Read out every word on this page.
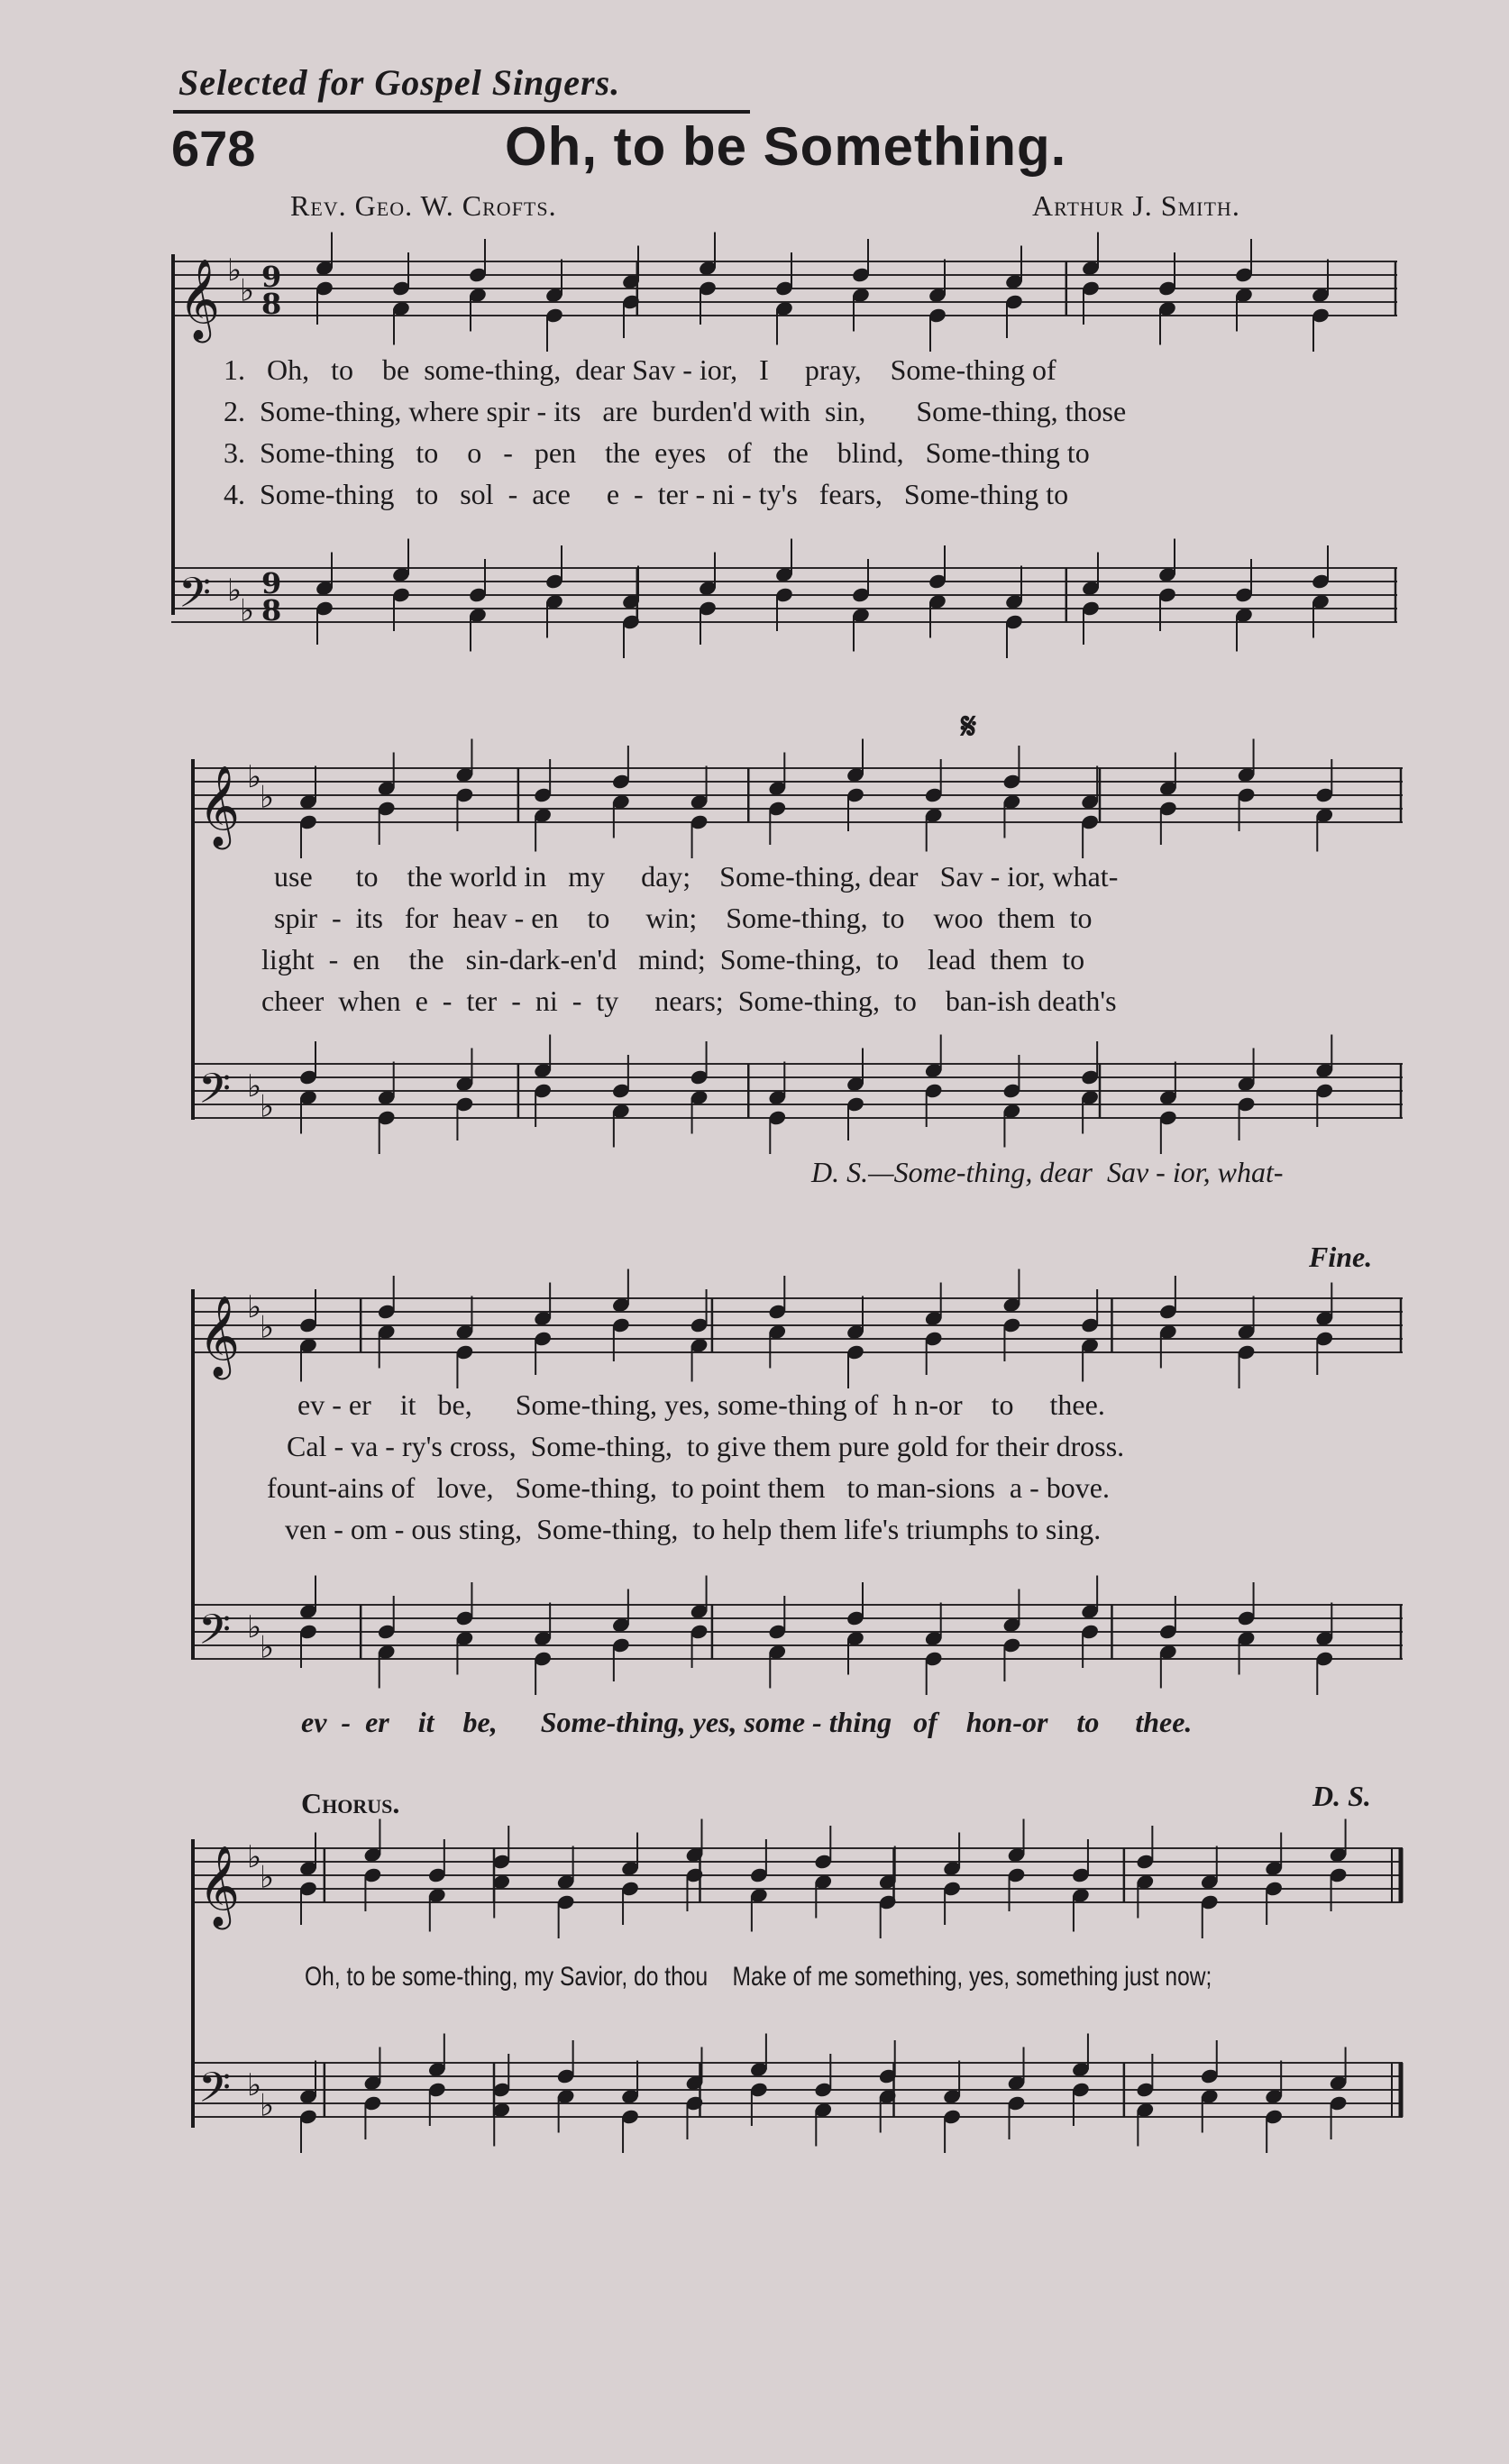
Selected for Gospel Singers.
678	Oh, to be Something.
Rev. Geo. W. Crofts.	Arthur J. Smith.
𝄞 ♭
♭ 9
8
𝄢 ♭
♭
9
8
1.   Oh,   to    be  some-thing,  dear Sav - ior,   I     pray,    Some-thing of
2.  Some-thing, where spir - its   are  burden'd with  sin,       Some-thing, those
3.  Some-thing   to    o   -   pen    the  eyes   of   the    blind,   Some-thing to
4.  Some-thing   to   sol  -  ace     e  -  ter - ni - ty's   fears,   Some-thing to
𝄋
𝄞 ♭
♭
𝄢 ♭
♭
use      to    the world in   my     day;    Some-thing, dear   Sav - ior, what-
spir  -  its   for  heav - en    to     win;    Some-thing,  to    woo  them  to
light  -  en    the   sin-dark-en'd   mind;  Some-thing,  to    lead  them  to
cheer  when  e  -  ter  -  ni  -  ty     nears;  Some-thing,  to    ban-ish death's
D. S.—Some-thing, dear  Sav - ior, what-
Fine.
𝄞 ♭
♭
𝄢 ♭
♭
ev - er    it   be,      Some-thing, yes, some-thing of  h n-or    to     thee.
Cal - va - ry's cross,  Some-thing,  to give them pure gold for their dross.
fount-ains of   love,   Some-thing,  to point them   to man-sions  a - bove.
ven - om - ous sting,  Some-thing,  to help them life's triumphs to sing.
ev  -  er    it    be,      Some-thing, yes, some - thing   of    hon-or    to     thee.
Chorus.	D. S.
𝄞 ♭
♭
𝄢 ♭
♭
Oh, to be some-thing, my Savior, do thou    Make of me something, yes, something just now;
